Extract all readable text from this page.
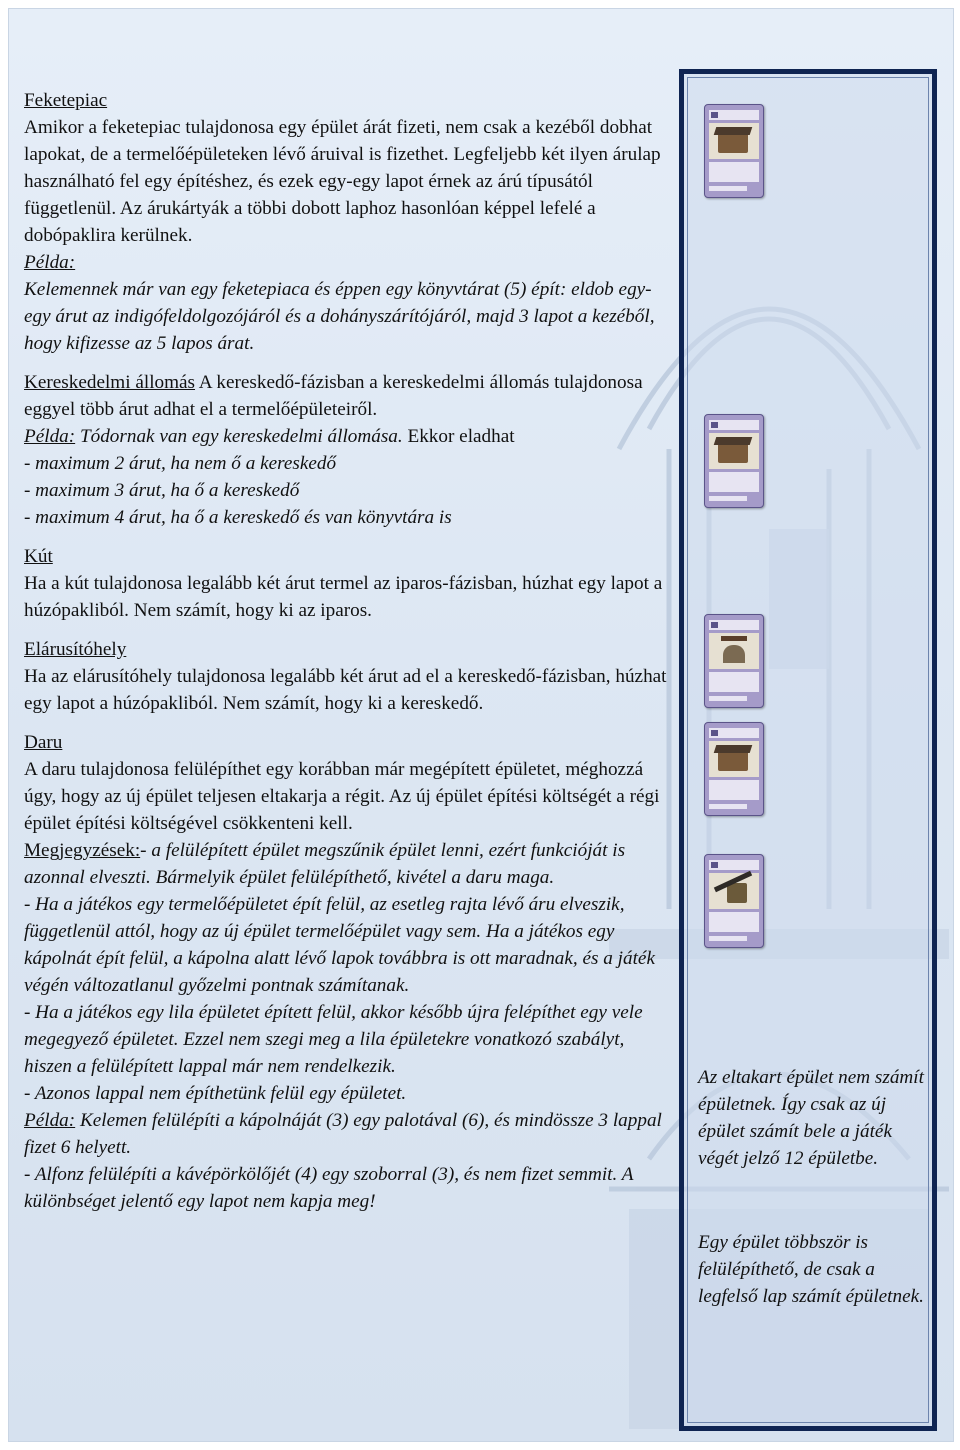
Feketepiac

Amikor a feketepiac tulajdonosa egy épület árát fizeti, nem csak a kezéből dobhat lapokat, de a termelőépületeken lévő áruival is fizethet. Legfeljebb két ilyen árulap használható fel egy építéshez, és ezek egy-egy lapot érnek az árú típusától függetlenül. Az árukártyák a többi dobott laphoz hasonlóan képpel lefelé a dobópaklira kerülnek.

Példa:

Kelemennek már van egy feketepiaca és éppen egy könyvtárat (5) épít: eldob egy-egy árut az indigófeldolgozójáról és a dohányszárítójáról, majd 3 lapot a kezéből, hogy kifizesse az 5 lapos árat.

Kereskedelmi állomás A kereskedő-fázisban a kereskedelmi állomás tulajdonosa eggyel több árut adhat el a termelőépületeiről.

Példa: Tódornak van egy kereskedelmi állomása. Ekkor eladhat

- maximum 2 árut, ha nem ő a kereskedő

- maximum 3 árut, ha ő a kereskedő

- maximum 4 árut, ha ő a kereskedő és van könyvtára is

Kút

Ha a kút tulajdonosa legalább két árut termel az iparos-fázisban, húzhat egy lapot a húzópakliból. Nem számít, hogy ki az iparos.

Elárusítóhely

Ha az elárusítóhely tulajdonosa legalább két árut ad el a kereskedő-fázisban, húzhat egy lapot a húzópakliból. Nem számít, hogy ki a kereskedő.

Daru

A daru tulajdonosa felülépíthet egy korábban már megépített épületet, méghozzá úgy, hogy az új épület teljesen eltakarja a régit. Az új épület építési költségét a régi épület építési költségével csökkenteni kell.

Megjegyzések:- a felülépített épület megszűnik épület lenni, ezért funkcióját is azonnal elveszti. Bármelyik épület felülépíthető, kivétel a daru maga.

- Ha a játékos egy termelőépületet épít felül, az esetleg rajta lévő áru elveszik, függetlenül attól, hogy az új épület termelőépület vagy sem. Ha a játékos egy kápolnát épít felül, a kápolna alatt lévő lapok továbbra is ott maradnak, és a játék végén változatlanul győzelmi pontnak számítanak.

- Ha a játékos egy lila épületet épített felül, akkor később újra felépíthet egy vele megegyező épületet. Ezzel nem szegi meg a lila épületekre vonatkozó szabályt, hiszen a felülépített lappal már nem rendelkezik.

- Azonos lappal nem építhetünk felül egy épületet.

Példa: Kelemen felülépíti a kápolnáját (3) egy palotával (6), és mindössze 3 lappal fizet 6 helyett.

- Alfonz felülépíti a kávépörkölőjét (4) egy szoborral (3), és nem fizet semmit. A különbséget jelentő egy lapot nem kapja meg!

Az eltakart épület nem számít épületnek. Így csak az új épület számít bele a játék végét jelző 12 épületbe.

Egy épület többször is felülépíthető, de csak a legfelső lap számít épületnek.
